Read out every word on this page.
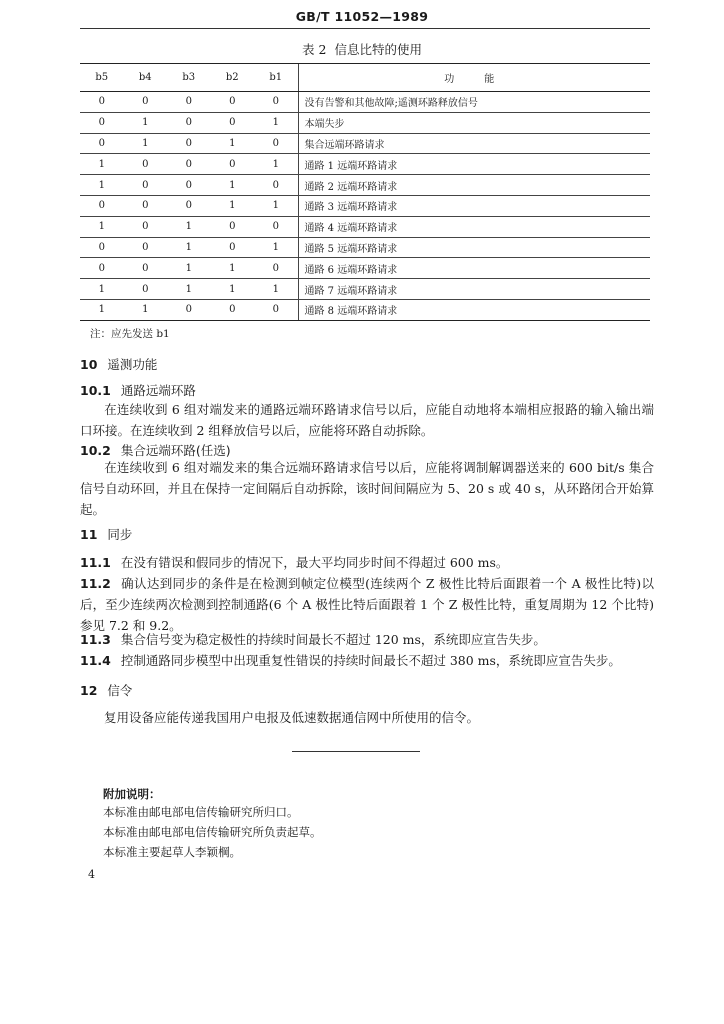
GB/T 11052—1989
表 2 信息比特的使用
b5	b4	b3	b2	b1	功　能
0	0	0	0	0	没有告警和其他故障;遥测环路释放信号
0	1	0	0	1	本端失步
0	1	0	1	0	集合远端环路请求
1	0	0	0	1	通路 1 远端环路请求
1	0	0	1	0	通路 2 远端环路请求
0	0	0	1	1	通路 3 远端环路请求
1	0	1	0	0	通路 4 远端环路请求
0	0	1	0	1	通路 5 远端环路请求
0	0	1	1	0	通路 6 远端环路请求
1	0	1	1	1	通路 7 远端环路请求
1	1	0	0	0	通路 8 远端环路请求
注：应先发送 b1
10 遥测功能
10.1 通路远端环路
在连续收到 6 组对端发来的通路远端环路请求信号以后，应能自动地将本端相应报路的输入输出端口环接。在连续收到 2 组释放信号以后，应能将环路自动拆除。
10.2 集合远端环路(任选)
在连续收到 6 组对端发来的集合远端环路请求信号以后，应能将调制解调器送来的 600 bit/s 集合信号自动环回，并且在保持一定间隔后自动拆除，该时间间隔应为 5、20 s 或 40 s，从环路闭合开始算起。
11 同步
11.1 在没有错误和假同步的情况下，最大平均同步时间不得超过 600 ms。
11.2 确认达到同步的条件是在检测到帧定位模型(连续两个 Z 极性比特后面跟着一个 A 极性比特)以后，至少连续两次检测到控制通路(6 个 A 极性比特后面跟着 1 个 Z 极性比特，重复周期为 12 个比特)参见 7.2 和 9.2。
11.3 集合信号变为稳定极性的持续时间最长不超过 120 ms，系统即应宣告失步。
11.4 控制通路同步模型中出现重复性错误的持续时间最长不超过 380 ms，系统即应宣告失步。
12 信令
复用设备应能传递我国用户电报及低速数据通信网中所使用的信令。
附加说明：
本标准由邮电部电信传输研究所归口。
本标准由邮电部电信传输研究所负责起草。
本标准主要起草人李颖棡。
4
